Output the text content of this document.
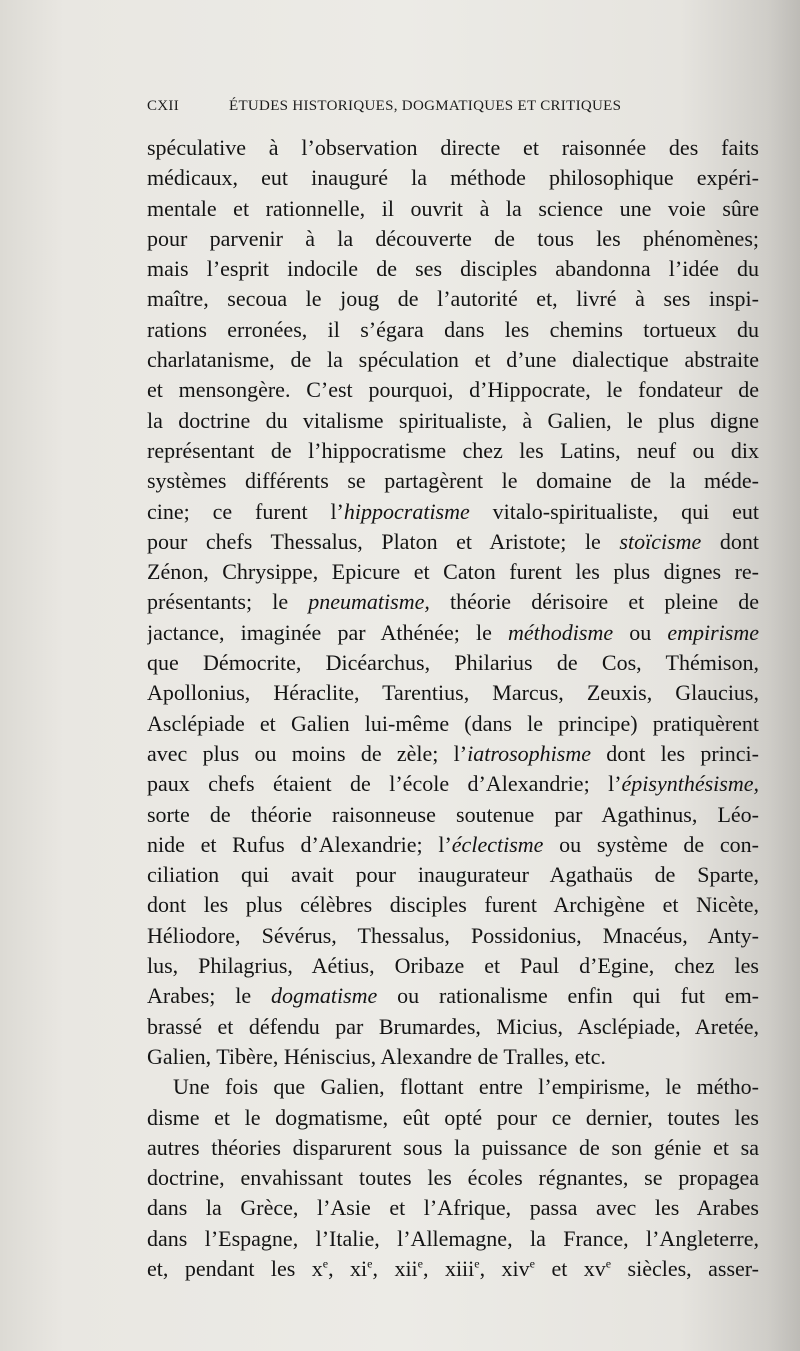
CXII	ÉTUDES HISTORIQUES, DOGMATIQUES ET CRITIQUES
spéculative à l’observation directe et raisonnée des faits
médicaux, eut inauguré la méthode philosophique expéri-
mentale et rationnelle, il ouvrit à la science une voie sûre
pour parvenir à la découverte de tous les phénomènes;
mais l’esprit indocile de ses disciples abandonna l’idée du
maître, secoua le joug de l’autorité et, livré à ses inspi-
rations erronées, il s’égara dans les chemins tortueux du
charlatanisme, de la spéculation et d’une dialectique abstraite
et mensongère. C’est pourquoi, d’Hippocrate, le fondateur de
la doctrine du vitalisme spiritualiste, à Galien, le plus digne
représentant de l’hippocratisme chez les Latins, neuf ou dix
systèmes différents se partagèrent le domaine de la méde-
cine; ce furent l’hippocratisme vitalo-spiritualiste, qui eut
pour chefs Thessalus, Platon et Aristote; le stoïcisme dont
Zénon, Chrysippe, Epicure et Caton furent les plus dignes re-
présentants; le pneumatisme, théorie dérisoire et pleine de
jactance, imaginée par Athénée; le méthodisme ou empirisme
que Démocrite, Dicéarchus, Philarius de Cos, Thémison,
Apollonius, Héraclite, Tarentius, Marcus, Zeuxis, Glaucius,
Asclépiade et Galien lui-même (dans le principe) pratiquèrent
avec plus ou moins de zèle; l’iatrosophisme dont les princi-
paux chefs étaient de l’école d’Alexandrie; l’épisynthésisme,
sorte de théorie raisonneuse soutenue par Agathinus, Léo-
nide et Rufus d’Alexandrie; l’éclectisme ou système de con-
ciliation qui avait pour inaugurateur Agathaüs de Sparte,
dont les plus célèbres disciples furent Archigène et Nicète,
Héliodore, Sévérus, Thessalus, Possidonius, Mnacéus, Anty-
lus, Philagrius, Aétius, Oribaze et Paul d’Egine, chez les
Arabes; le dogmatisme ou rationalisme enfin qui fut em-
brassé et défendu par Brumardes, Micius, Asclépiade, Aretée,
Galien, Tibère, Héniscius, Alexandre de Tralles, etc.
Une fois que Galien, flottant entre l’empirisme, le métho-
disme et le dogmatisme, eût opté pour ce dernier, toutes les
autres théories disparurent sous la puissance de son génie et sa
doctrine, envahissant toutes les écoles régnantes, se propagea
dans la Grèce, l’Asie et l’Afrique, passa avec les Arabes
dans l’Espagne, l’Italie, l’Allemagne, la France, l’Angleterre,
et, pendant les $x^e$, $xi^e$, xii$^e$, xiii$^e$, xiv$^e$ et $xv^e$ siècles, asser-
